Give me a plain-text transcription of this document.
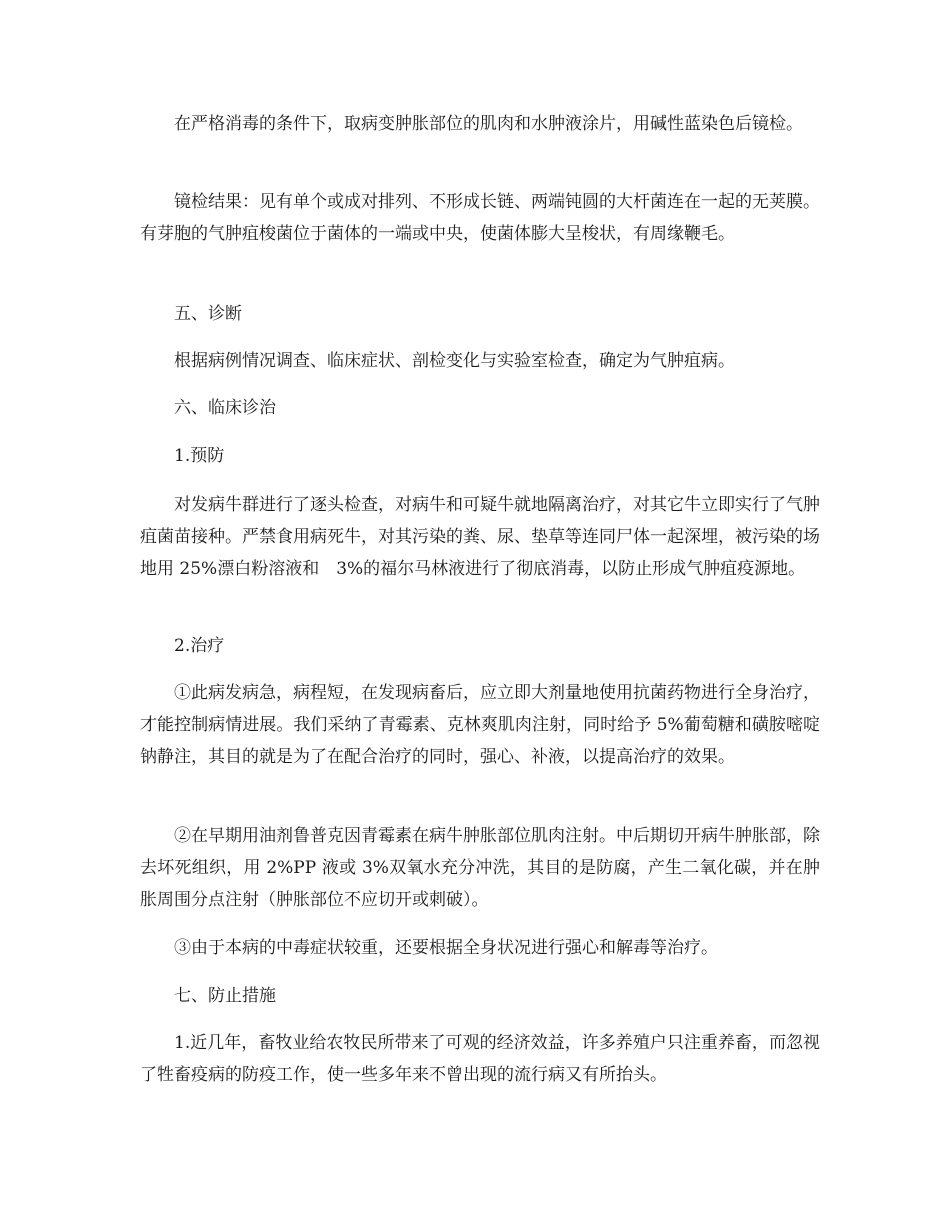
在严格消毒的条件下，取病变肿胀部位的肌肉和水肿液涂片，用碱性蓝染色后镜检。

镜检结果：见有单个或成对排列、不形成长链、两端钝圆的大杆菌连在一起的无荚膜。有芽胞的气肿疽梭菌位于菌体的一端或中央，使菌体膨大呈梭状，有周缘鞭毛。

五、诊断

根据病例情况调查、临床症状、剖检变化与实验室检查，确定为气肿疽病。

六、临床诊治

1.预防

对发病牛群进行了逐头检查，对病牛和可疑牛就地隔离治疗，对其它牛立即实行了气肿疽菌苗接种。严禁食用病死牛，对其污染的粪、尿、垫草等连同尸体一起深埋，被污染的场地用 25%漂白粉溶液和　3%的福尔马林液进行了彻底消毒，以防止形成气肿疽疫源地。

2.治疗

①此病发病急，病程短，在发现病畜后，应立即大剂量地使用抗菌药物进行全身治疗，才能控制病情进展。我们采纳了青霉素、克林爽肌肉注射，同时给予 5%葡萄糖和磺胺嘧啶钠静注，其目的就是为了在配合治疗的同时，强心、补液，以提高治疗的效果。

②在早期用油剂鲁普克因青霉素在病牛肿胀部位肌肉注射。中后期切开病牛肿胀部，除去坏死组织，用 2%PP 液或 3%双氧水充分冲洗，其目的是防腐，产生二氧化碳，并在肿胀周围分点注射（肿胀部位不应切开或刺破）。

③由于本病的中毒症状较重，还要根据全身状况进行强心和解毒等治疗。

七、防止措施

1.近几年，畜牧业给农牧民所带来了可观的经济效益，许多养殖户只注重养畜，而忽视了牲畜疫病的防疫工作，使一些多年来不曾出现的流行病又有所抬头。
